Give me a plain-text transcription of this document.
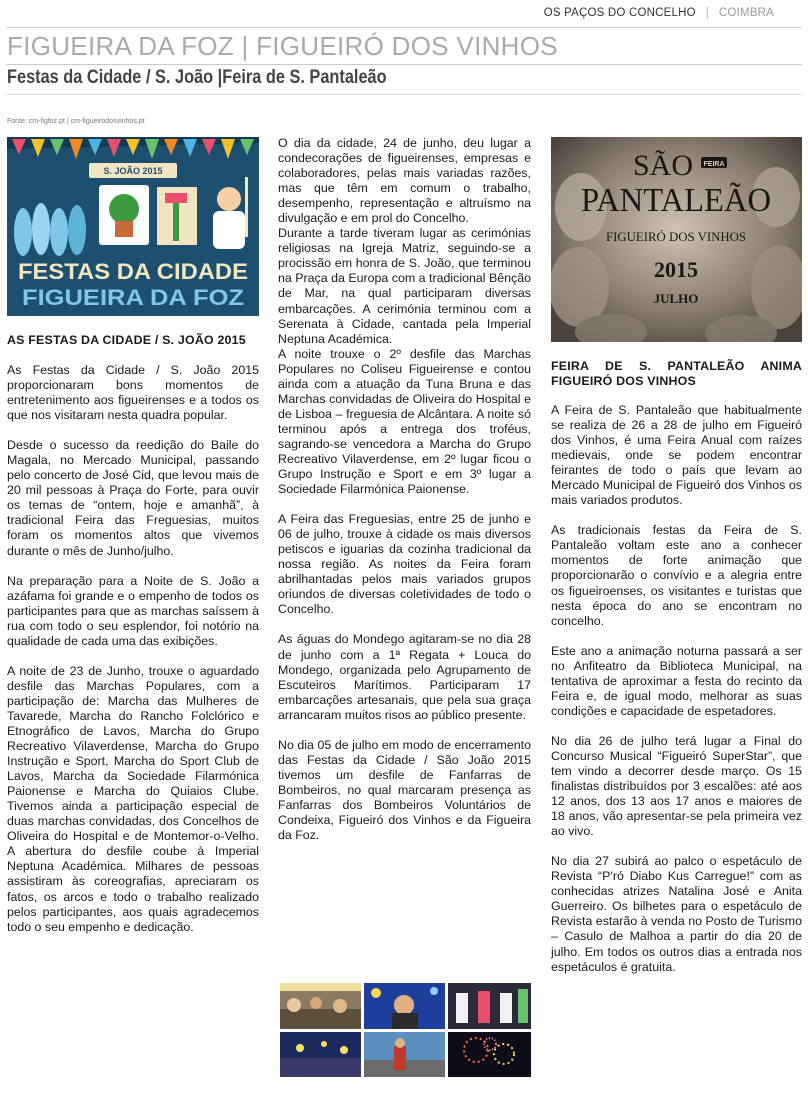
OS PAÇOS DO CONCELHO | COIMBRA
FIGUEIRA DA FOZ | FIGUEIRÓ DOS VINHOS
Festas da Cidade / S. João |Feira de S. Pantaleão
Fonte: cm-figfoz.pt | cm-figueirodosvinhos.pt
S. JOÃO 2015
FESTAS DA CIDADE
FIGUEIRA DA FOZ
AS FESTAS DA CIDADE / S. JOÃO 2015

As Festas da Cidade / S. João 2015 proporcionaram bons momentos de entretenimento aos figueirenses e a todos os que nos visitaram nesta quadra popular.

Desde o sucesso da reedição do Baile do Magala, no Mercado Municipal, passando pelo concerto de José Cid, que levou mais de 20 mil pessoas à Praça do Forte, para ouvir os temas de “ontem, hoje e amanhã”, à tradicional Feira das Freguesias, muitos foram os momentos altos que vivemos durante o mês de Junho/julho.

Na preparação para a Noite de S. João a azáfama foi grande e o empenho de todos os participantes para que as marchas saíssem à rua com todo o seu esplendor, foi notório na qualidade de cada uma das exibições.

A noite de 23 de Junho, trouxe o aguardado desfile das Marchas Populares, com a participação de: Marcha das Mulheres de Tavarede, Marcha do Rancho Folclórico e Etnográfico de Lavos, Marcha do Grupo Recreativo Vilaverdense, Marcha do Grupo Instrução e Sport, Marcha do Sport Club de Lavos, Marcha da Sociedade Filarmónica Paionense e Marcha do Quiaios Clube. Tivemos ainda a participação especial de duas marchas convidadas, dos Concelhos de Oliveira do Hospital e de Montemor-o-Velho. A abertura do desfile coube à Imperial Neptuna Académica. Milhares de pessoas assistiram às coreografias, apreciaram os fatos, os arcos e todo o trabalho realizado pelos participantes, aos quais agradecemos todo o seu empenho e dedicação.

O dia da cidade, 24 de junho, deu lugar a condecorações de figueirenses, empresas e colaboradores, pelas mais variadas razões, mas que têm em comum o trabalho, desempenho, representação e altruísmo na divulgação e em prol do Concelho.

Durante a tarde tiveram lugar as cerimónias religiosas na Igreja Matriz, seguindo-se a procissão em honra de S. João, que terminou na Praça da Europa com a tradicional Bênção de Mar, na qual participaram diversas embarcações. A cerimónia terminou com a Serenata à Cidade, cantada pela Imperial Neptuna Académica.

A noite trouxe o 2º desfile das Marchas Populares no Coliseu Figueirense e contou ainda com a atuação da Tuna Bruna e das Marchas convidadas de Oliveira do Hospital e de Lisboa – freguesia de Alcântara. A noite só terminou após a entrega dos troféus, sagrando-se vencedora a Marcha do Grupo Recreativo Vilaverdense, em 2º lugar ficou o Grupo Instrução e Sport e em 3º lugar a Sociedade Filarmónica Paionense.

A Feira das Freguesias, entre 25 de junho e 06 de julho, trouxe à cidade os mais diversos petiscos e iguarias da cozinha tradicional da nossa região. As noites da Feira foram abrilhantadas pelos mais variados grupos oriundos de diversas coletividades de todo o Concelho.

As águas do Mondego agitaram-se no dia 28 de junho com a 1ª Regata + Louca do Mondego, organizada pelo Agrupamento de Escuteiros Marítimos. Participaram 17 embarcações artesanais, que pela sua graça arrancaram muitos risos ao público presente.

No dia 05 de julho em modo de encerramento das Festas da Cidade / São João 2015 tivemos um desfile de Fanfarras de Bombeiros, no qual marcaram presença as Fanfarras dos Bombeiros Voluntários de Condeixa, Figueiró dos Vinhos e da Figueira da Foz.

SÃO FEIRA
PANTALEÃO
FIGUEIRÓ DOS VINHOS
2015
JULHO
FEIRA DE S. PANTALEÃO ANIMA FIGUEIRÓ DOS VINHOS

A Feira de S. Pantaleão que habitualmente se realiza de 26 a 28 de julho em Figueiró dos Vinhos, é uma Feira Anual com raízes medievais, onde se podem encontrar feirantes de todo o país que levam ao Mercado Municipal de Figueiró dos Vinhos os mais variados produtos.

As tradicionais festas da Feira de S. Pantaleão voltam este ano a conhecer momentos de forte animação que proporcionarão o convívio e a alegria entre os figueiroenses, os visitantes e turistas que nesta época do ano se encontram no concelho.

Este ano a animação noturna passará a ser no Anfiteatro da Biblioteca Municipal, na tentativa de aproximar a festa do recinto da Feira e, de igual modo, melhorar as suas condições e capacidade de espetadores.

No dia 26 de julho terá lugar a Final do Concurso Musical “Figueiró SuperStar”, que tem vindo a decorrer desde março. Os 15 finalistas distribuídos por 3 escalões: até aos 12 anos, dos 13 aos 17 anos e maiores de 18 anos, vão apresentar-se pela primeira vez ao vivo.

No dia 27 subirá ao palco o espetáculo de Revista “P'ró Diabo Kus Carregue!” com as conhecidas atrizes Natalina José e Anita Guerreiro. Os bilhetes para o espetáculo de Revista estarão à venda no Posto de Turismo – Casulo de Malhoa a partir do dia 20 de julho. Em todos os outros dias a entrada nos espetáculos é gratuita.
